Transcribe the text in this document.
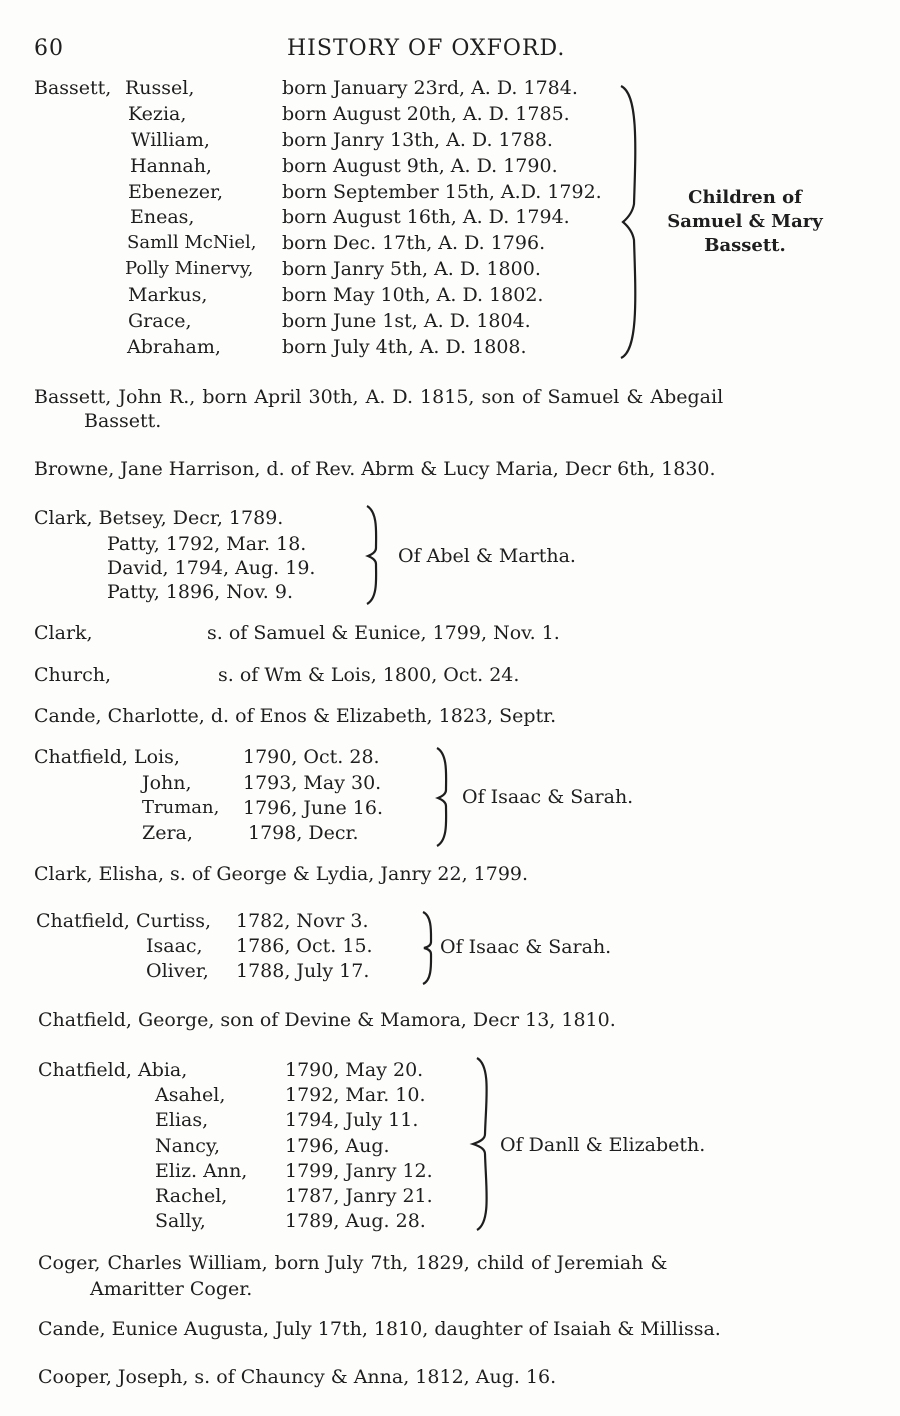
60	HISTORY OF OXFORD.
Bassett, Russel,	born January 23rd, A. D. 1784.
Kezia,	born August 20th, A. D. 1785.
William,	born Janry 13th, A. D. 1788.
Hannah,	born August 9th, A. D. 1790.
Ebenezer,	born September 15th, A.D. 1792.
Eneas,	born August 16th, A. D. 1794.
Samll McNiel, born Dec. 17th, A. D. 1796.
Polly Minervy, born Janry 5th, A. D. 1800.
Markus,	born May 10th, A. D. 1802.
Grace,	born June 1st, A. D. 1804.
Abraham,	born July 4th, A. D. 1808.
Children of
Samuel & Mary
Bassett.
Bassett, John R., born April 30th, A. D. 1815, son of Samuel & Abegail
Bassett.
Browne, Jane Harrison, d. of Rev. Abrm & Lucy Maria, Decr 6th, 1830.
Clark, Betsey, Decr, 1789.
Patty, 1792, Mar. 18.
David, 1794, Aug. 19.
Patty, 1896, Nov. 9.
Of Abel & Martha.
Clark,	s. of Samuel & Eunice, 1799, Nov. 1.
Church,	s. of Wm & Lois, 1800, Oct. 24.
Cande, Charlotte, d. of Enos & Elizabeth, 1823, Septr.
Chatfield, Lois,	1790, Oct. 28.
John,	1793, May 30.
Truman, 1796, June 16.
Zera,	1798, Decr.
Of Isaac & Sarah.
Clark, Elisha, s. of George & Lydia, Janry 22, 1799.
Chatfield, Curtiss, 1782, Novr 3.
Isaac, 1786, Oct. 15.
Oliver, 1788, July 17.
Of Isaac & Sarah.
Chatfield, George, son of Devine & Mamora, Decr 13, 1810.
Chatfield, Abia,	1790, May 20.
Asahel,	1792, Mar. 10.
Elias,	1794, July 11.
Nancy,	1796, Aug.
Eliz. Ann, 1799, Janry 12.
Rachel,	1787, Janry 21.
Sally,	1789, Aug. 28.
Of Danll & Elizabeth.
Coger, Charles William, born July 7th, 1829, child of Jeremiah &
Amaritter Coger.
Cande, Eunice Augusta, July 17th, 1810, daughter of Isaiah & Millissa.
Cooper, Joseph, s. of Chauncy & Anna, 1812, Aug. 16.
